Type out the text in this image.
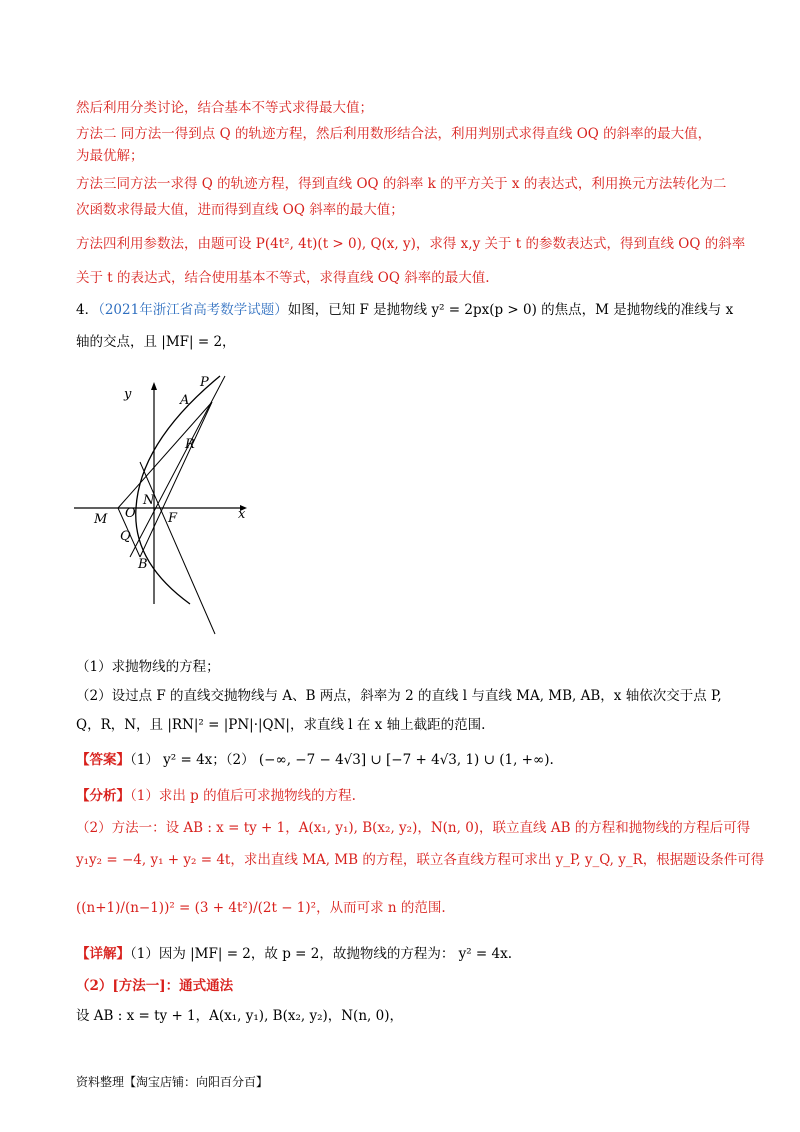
然后利用分类讨论，结合基本不等式求得最大值；
方法二 同方法一得到点 Q 的轨迹方程，然后利用数形结合法，利用判别式求得直线 OQ 的斜率的最大值，
为最优解；
方法三同方法一求得 Q 的轨迹方程，得到直线 OQ 的斜率 k 的平方关于 x 的表达式，利用换元方法转化为二
次函数求得最大值，进而得到直线 OQ 斜率的最大值；
方法四利用参数法，由题可设 P(4t², 4t)(t > 0), Q(x, y)，求得 x,y 关于 t 的参数表达式，得到直线 OQ 的斜率
关于 t 的表达式，结合使用基本不等式，求得直线 OQ 斜率的最大值.
4．（2021年浙江省高考数学试题）如图，已知 F 是抛物线 y² = 2px(p > 0) 的焦点，M 是抛物线的准线与 x
轴的交点，且 |MF| = 2，
y
x
P
A
R
N
M O F
Q
B
（1）求抛物线的方程；
（2）设过点 F 的直线交抛物线与 A、B 两点，斜率为 2 的直线 l 与直线 MA, MB, AB，x 轴依次交于点 P,
Q，R，N，且 |RN|² = |PN|·|QN|，求直线 l 在 x 轴上截距的范围.
【答案】（1） y² = 4x；（2） (−∞, −7 − 4√3] ∪ [−7 + 4√3, 1) ∪ (1, +∞).
【分析】（1）求出 p 的值后可求抛物线的方程.
（2）方法一：设 AB : x = ty + 1，A(x₁, y₁), B(x₂, y₂)，N(n, 0)，联立直线 AB 的方程和抛物线的方程后可得
y₁y₂ = −4, y₁ + y₂ = 4t，求出直线 MA, MB 的方程，联立各直线方程可求出 y_P, y_Q, y_R，根据题设条件可得
((n+1)/(n−1))² = (3 + 4t²)/(2t − 1)²，从而可求 n 的范围.
【详解】（1）因为 |MF| = 2，故 p = 2，故抛物线的方程为： y² = 4x.
（2）[方法一]：通式通法
设 AB : x = ty + 1，A(x₁, y₁), B(x₂, y₂)，N(n, 0)，
资料整理【淘宝店铺：向阳百分百】
